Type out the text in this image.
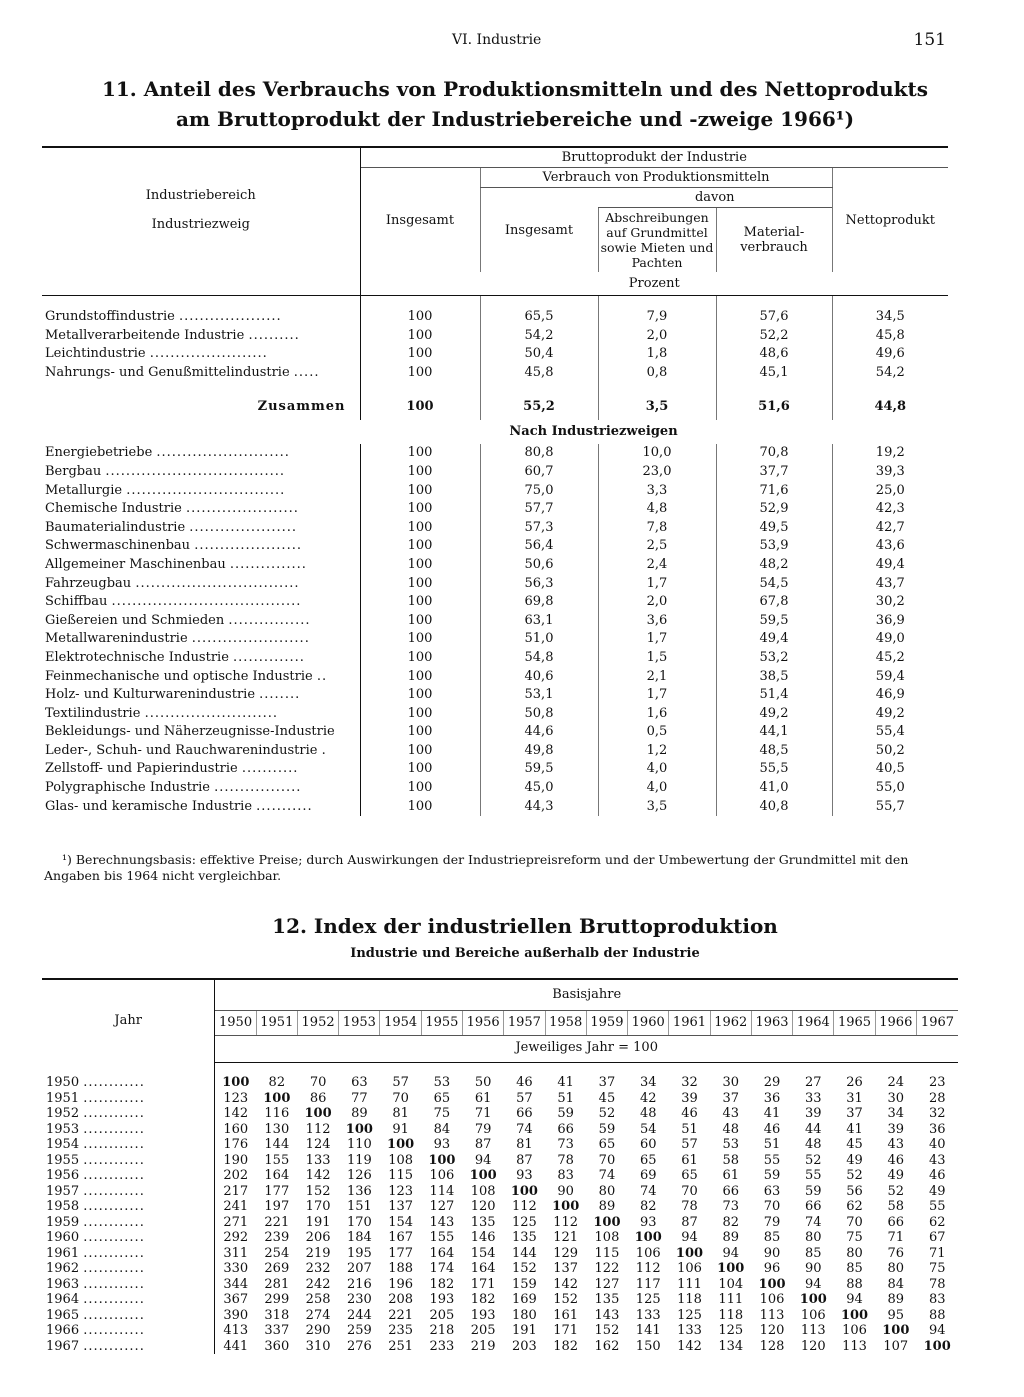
VI. Industrie	151
11. Anteil des Verbrauchs von Produktionsmitteln und des Nettoprodukts
am Bruttoprodukt der Industriebereiche und -zweige 1966¹)
Industriebereich
Industriezweig	Bruttoprodukt der Industrie				
	Insgesamt	Verbrauch von Produktionsmitteln			Nettoprodukt
		Insgesamt	davon		
			Abschreibungen auf Grundmittel sowie Mieten und Pachten	Materialverbrauch	
	Prozent				

Grundstoffindustrie ....................	100	65,5	7,9	57,6	34,5
Metallverarbeitende Industrie ..........	100	54,2	2,0	52,2	45,8
Leichtindustrie .......................	100	50,4	1,8	48,6	49,6
Nahrungs- und Genußmittelindustrie .....	100	45,8	0,8	45,1	54,2

Zusammen	100	55,2	3,5	51,6	44,8
Nach Industriezweigen					
Energiebetriebe ..........................	100	80,8	10,0	70,8	19,2
Bergbau ...................................	100	60,7	23,0	37,7	39,3
Metallurgie ...............................	100	75,0	3,3	71,6	25,0
Chemische Industrie ......................	100	57,7	4,8	52,9	42,3
Baumaterialindustrie .....................	100	57,3	7,8	49,5	42,7
Schwermaschinenbau .....................	100	56,4	2,5	53,9	43,6
Allgemeiner Maschinenbau ...............	100	50,6	2,4	48,2	49,4
Fahrzeugbau ................................	100	56,3	1,7	54,5	43,7
Schiffbau .....................................	100	69,8	2,0	67,8	30,2
Gießereien und Schmieden ................	100	63,1	3,6	59,5	36,9
Metallwarenindustrie .......................	100	51,0	1,7	49,4	49,0
Elektrotechnische Industrie ..............	100	54,8	1,5	53,2	45,2
Feinmechanische und optische Industrie ..	100	40,6	2,1	38,5	59,4
Holz- und Kulturwarenindustrie ........	100	53,1	1,7	51,4	46,9
Textilindustrie ..........................	100	50,8	1,6	49,2	49,2
Bekleidungs- und Näherzeugnisse-Industrie	100	44,6	0,5	44,1	55,4
Leder-, Schuh- und Rauchwarenindustrie .	100	49,8	1,2	48,5	50,2
Zellstoff- und Papierindustrie ...........	100	59,5	4,0	55,5	40,5
Polygraphische Industrie .................	100	45,0	4,0	41,0	55,0
Glas- und keramische Industrie ...........	100	44,3	3,5	40,8	55,7
¹) Berechnungsbasis: effektive Preise; durch Auswirkungen der Industriepreisreform und der Umbewertung der Grundmittel mit den Angaben bis 1964 nicht vergleichbar.
12. Index der industriellen Bruttoproduktion
Industrie und Bereiche außerhalb der Industrie
Jahr	Basisjahre																	
	1950	1951	1952	1953	1954	1955	1956	1957	1958	1959	1960	1961	1962	1963	1964	1965	1966	1967
	Jeweiliges Jahr = 100																	
1950 ............	100	82	70	63	57	53	50	46	41	37	34	32	30	29	27	26	24	23
1951 ............	123	100	86	77	70	65	61	57	51	45	42	39	37	36	33	31	30	28
1952 ............	142	116	100	89	81	75	71	66	59	52	48	46	43	41	39	37	34	32
1953 ............	160	130	112	100	91	84	79	74	66	59	54	51	48	46	44	41	39	36
1954 ............	176	144	124	110	100	93	87	81	73	65	60	57	53	51	48	45	43	40
1955 ............	190	155	133	119	108	100	94	87	78	70	65	61	58	55	52	49	46	43
1956 ............	202	164	142	126	115	106	100	93	83	74	69	65	61	59	55	52	49	46
1957 ............	217	177	152	136	123	114	108	100	90	80	74	70	66	63	59	56	52	49
1958 ............	241	197	170	151	137	127	120	112	100	89	82	78	73	70	66	62	58	55
1959 ............	271	221	191	170	154	143	135	125	112	100	93	87	82	79	74	70	66	62
1960 ............	292	239	206	184	167	155	146	135	121	108	100	94	89	85	80	75	71	67
1961 ............	311	254	219	195	177	164	154	144	129	115	106	100	94	90	85	80	76	71
1962 ............	330	269	232	207	188	174	164	152	137	122	112	106	100	96	90	85	80	75
1963 ............	344	281	242	216	196	182	171	159	142	127	117	111	104	100	94	88	84	78
1964 ............	367	299	258	230	208	193	182	169	152	135	125	118	111	106	100	94	89	83
1965 ............	390	318	274	244	221	205	193	180	161	143	133	125	118	113	106	100	95	88
1966 ............	413	337	290	259	235	218	205	191	171	152	141	133	125	120	113	106	100	94
1967 ............	441	360	310	276	251	233	219	203	182	162	150	142	134	128	120	113	107	100
